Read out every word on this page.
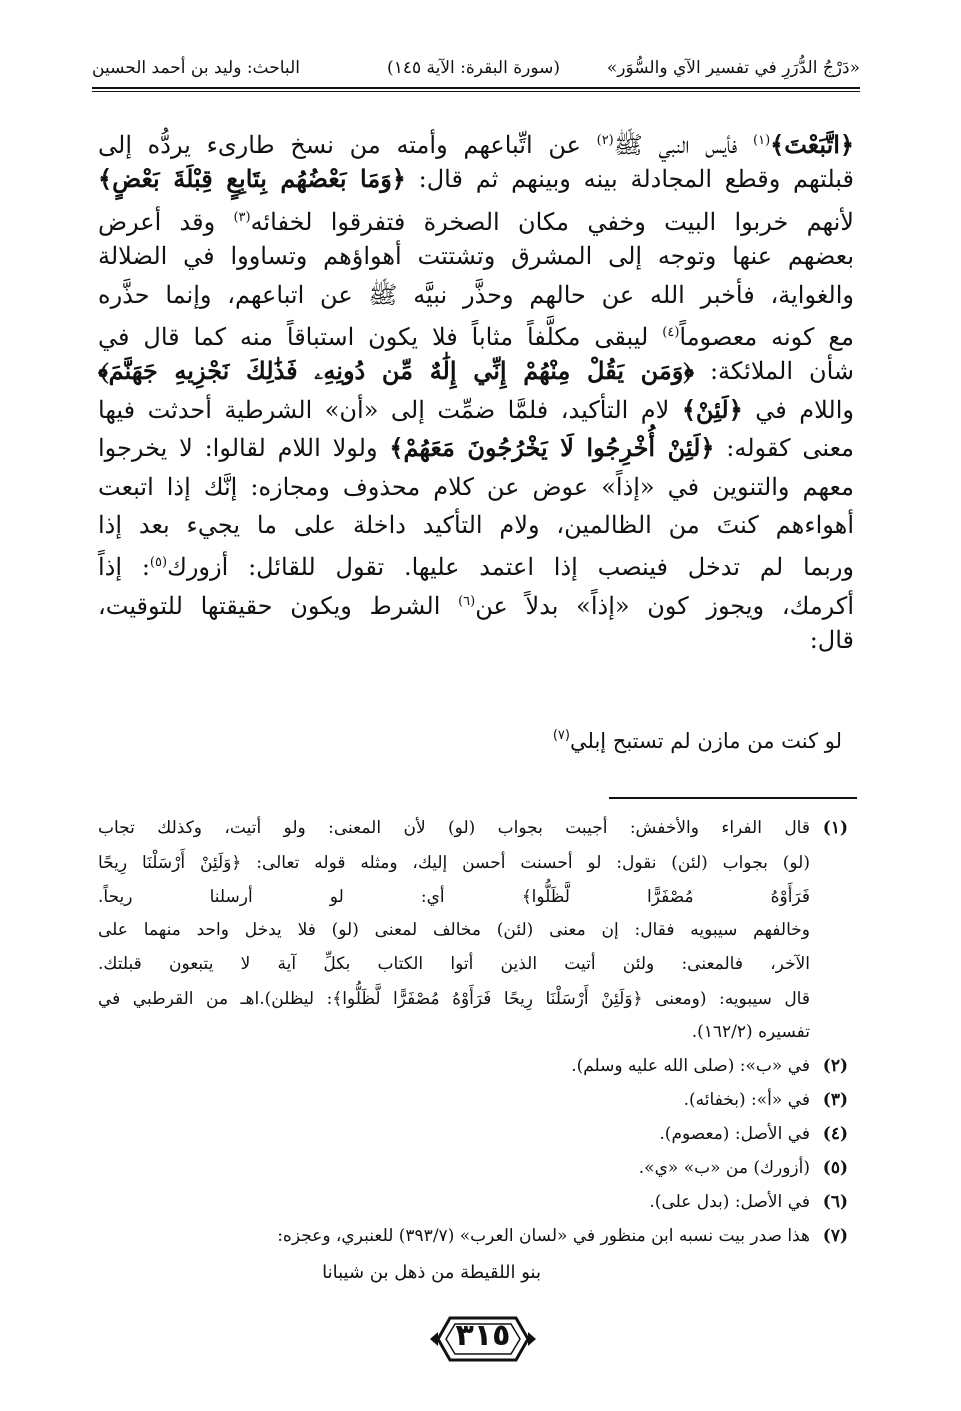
«دَرْجُ الدُّرَرِ في تفسير الآي والسُّوَر»
(سورة البقرة: الآية ١٤٥)
الباحث: وليد بن أحمد الحسين
﴿اتَّبَعْتَ﴾$^{(١)}$ فأيس النبي ﷺ$^{(٢)}$ عن اتِّباعهم وأمته من نسخ طارىء يردُّه إلى
قبلتهم وقطع المجادلة بينه وبينهم ثم قال: ﴿وَمَا بَعْضُهُم بِتَابِعٍ قِبْلَةَ بَعْضٍ﴾
لأنهم خربوا البيت وخفي مكان الصخرة فتفرقوا لخفائه$^{(٣)}$ وقد أعرض
بعضهم عنها وتوجه إلى المشرق وتشتتت أهواؤهم وتساووا في الضلالة
والغواية، فأخبر الله عن حالهم وحذَّر نبيَّه ﷺ عن اتباعهم، وإنما حذَّره
مع كونه معصوماً$^{(٤)}$ ليبقى مكلَّفاً مثاباً فلا يكون استباقاً منه كما قال في
شأن الملائكة: ﴿وَمَن يَقُلْ مِنْهُمْ إِنِّي إِلَٰهٌ مِّن دُونِهِۦ فَذَٰلِكَ نَجْزِيهِ جَهَنَّمَ﴾
واللام في ﴿لَئِنْ﴾ لام التأكيد، فلمَّا ضمِّت إلى «أن» الشرطية أحدثت فيها
معنى كقوله: ﴿لَئِنْ أُخْرِجُوا لَا يَخْرُجُونَ مَعَهُمْ﴾ ولولا اللام لقالوا: لا يخرجوا
معهم والتنوين في «إذاً» عوض عن كلام محذوف ومجازه: إنَّك إذا اتبعت
أهواءهم كنتَ من الظالمين، ولام التأكيد داخلة على ما يجيء بعد إذا
وربما لم تدخل فينصب إذا اعتمد عليها. تقول للقائل: أزورك$^{(٥)}$: إذاً
أكرمك، ويجوز كون «إذاً» بدلاً عن$^{(٦)}$ الشرط ويكون حقيقتها للتوقيت،
قال:
لو كنت من مازن لم تستبح إبلي$^{(٧)}$
(١)
قال الفراء والأخفش: أجيبت بجواب (لو) لأن المعنى: ولو أتيت، وكذلك تجاب
(لو) بجواب (لئن) نقول: لو أحسنت أحسن إليك، ومثله قوله تعالى: ﴿وَلَئِنْ أَرْسَلْنَا رِيحًا
فَرَأَوْهُ مُصْفَرًّا لَّظَلُّوا﴾ أي: لو أرسلنا ريحاً.
وخالفهم سيبويه فقال: إن معنى (لئن) مخالف لمعنى (لو) فلا يدخل واحد منهما على
الآخر، فالمعنى: ولئن أتيت الذين أتوا الكتاب بكلِّ آية لا يتبعون قبلتك.
قال سيبويه: (ومعنى ﴿وَلَئِنْ أَرْسَلْنَا رِيحًا فَرَأَوْهُ مُصْفَرًّا لَّظَلُّوا﴾: ليظلن).اهـ من القرطبي في
تفسيره (١٦٢/٢).
(٢)
في «ب»: (صلى الله عليه وسلم).
(٣)
في «أ»: (بخفائه).
(٤)
في الأصل: (معصوم).
(٥)
(أزورك) من «ب» «ي».
(٦)
في الأصل: (بدل على).
(٧)
هذا صدر بيت نسبه ابن منظور في «لسان العرب» (٣٩٣/٧) للعنبري، وعجزه:
بنو اللقيطة من ذهل بن شيبانا
٣١٥
